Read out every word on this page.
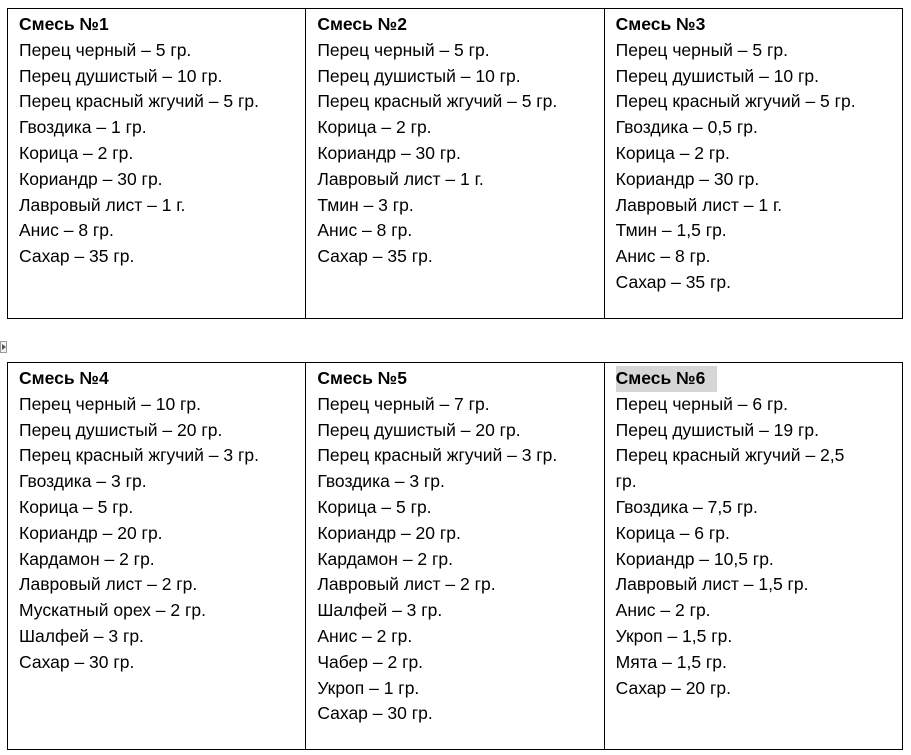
Смесь №1
Перец черный – 5 гр.
Перец душистый – 10 гр.
Перец красный жгучий – 5 гр.
Гвоздика – 1 гр.
Корица – 2 гр.
Кориандр – 30 гр.
Лавровый лист – 1 г.
Анис – 8 гр.
Сахар – 35 гр.
	Смесь №2
Перец черный – 5 гр.
Перец душистый – 10 гр.
Перец красный жгучий – 5 гр.
Корица – 2 гр.
Кориандр – 30 гр.
Лавровый лист – 1 г.
Тмин – 3 гр.
Анис – 8 гр.
Сахар – 35 гр.
	Смесь №3
Перец черный – 5 гр.
Перец душистый – 10 гр.
Перец красный жгучий – 5 гр.
Гвоздика – 0,5 гр.
Корица – 2 гр.
Кориандр – 30 гр.
Лавровый лист – 1 г.
Тмин – 1,5 гр.
Анис – 8 гр.
Сахар – 35 гр.
Смесь №4
Перец черный – 10 гр.
Перец душистый – 20 гр.
Перец красный жгучий – 3 гр.
Гвоздика – 3 гр.
Корица – 5 гр.
Кориандр – 20 гр.
Кардамон – 2 гр.
Лавровый лист – 2 гр.
Мускатный орех – 2 гр.
Шалфей – 3 гр.
Сахар – 30 гр.
	Смесь №5
Перец черный – 7 гр.
Перец душистый – 20 гр.
Перец красный жгучий – 3 гр.
Гвоздика – 3 гр.
Корица – 5 гр.
Кориандр – 20 гр.
Кардамон – 2 гр.
Лавровый лист – 2 гр.
Шалфей – 3 гр.
Анис – 2 гр.
Чабер – 2 гр.
Укроп – 1 гр.
Сахар – 30 гр.
	Смесь №6
Перец черный – 6 гр.
Перец душистый – 19 гр.
Перец красный жгучий – 2,5
гр.
Гвоздика – 7,5 гр.
Корица – 6 гр.
Кориандр – 10,5 гр.
Лавровый лист – 1,5 гр.
Анис – 2 гр.
Укроп – 1,5 гр.
Мята – 1,5 гр.
Сахар – 20 гр.
